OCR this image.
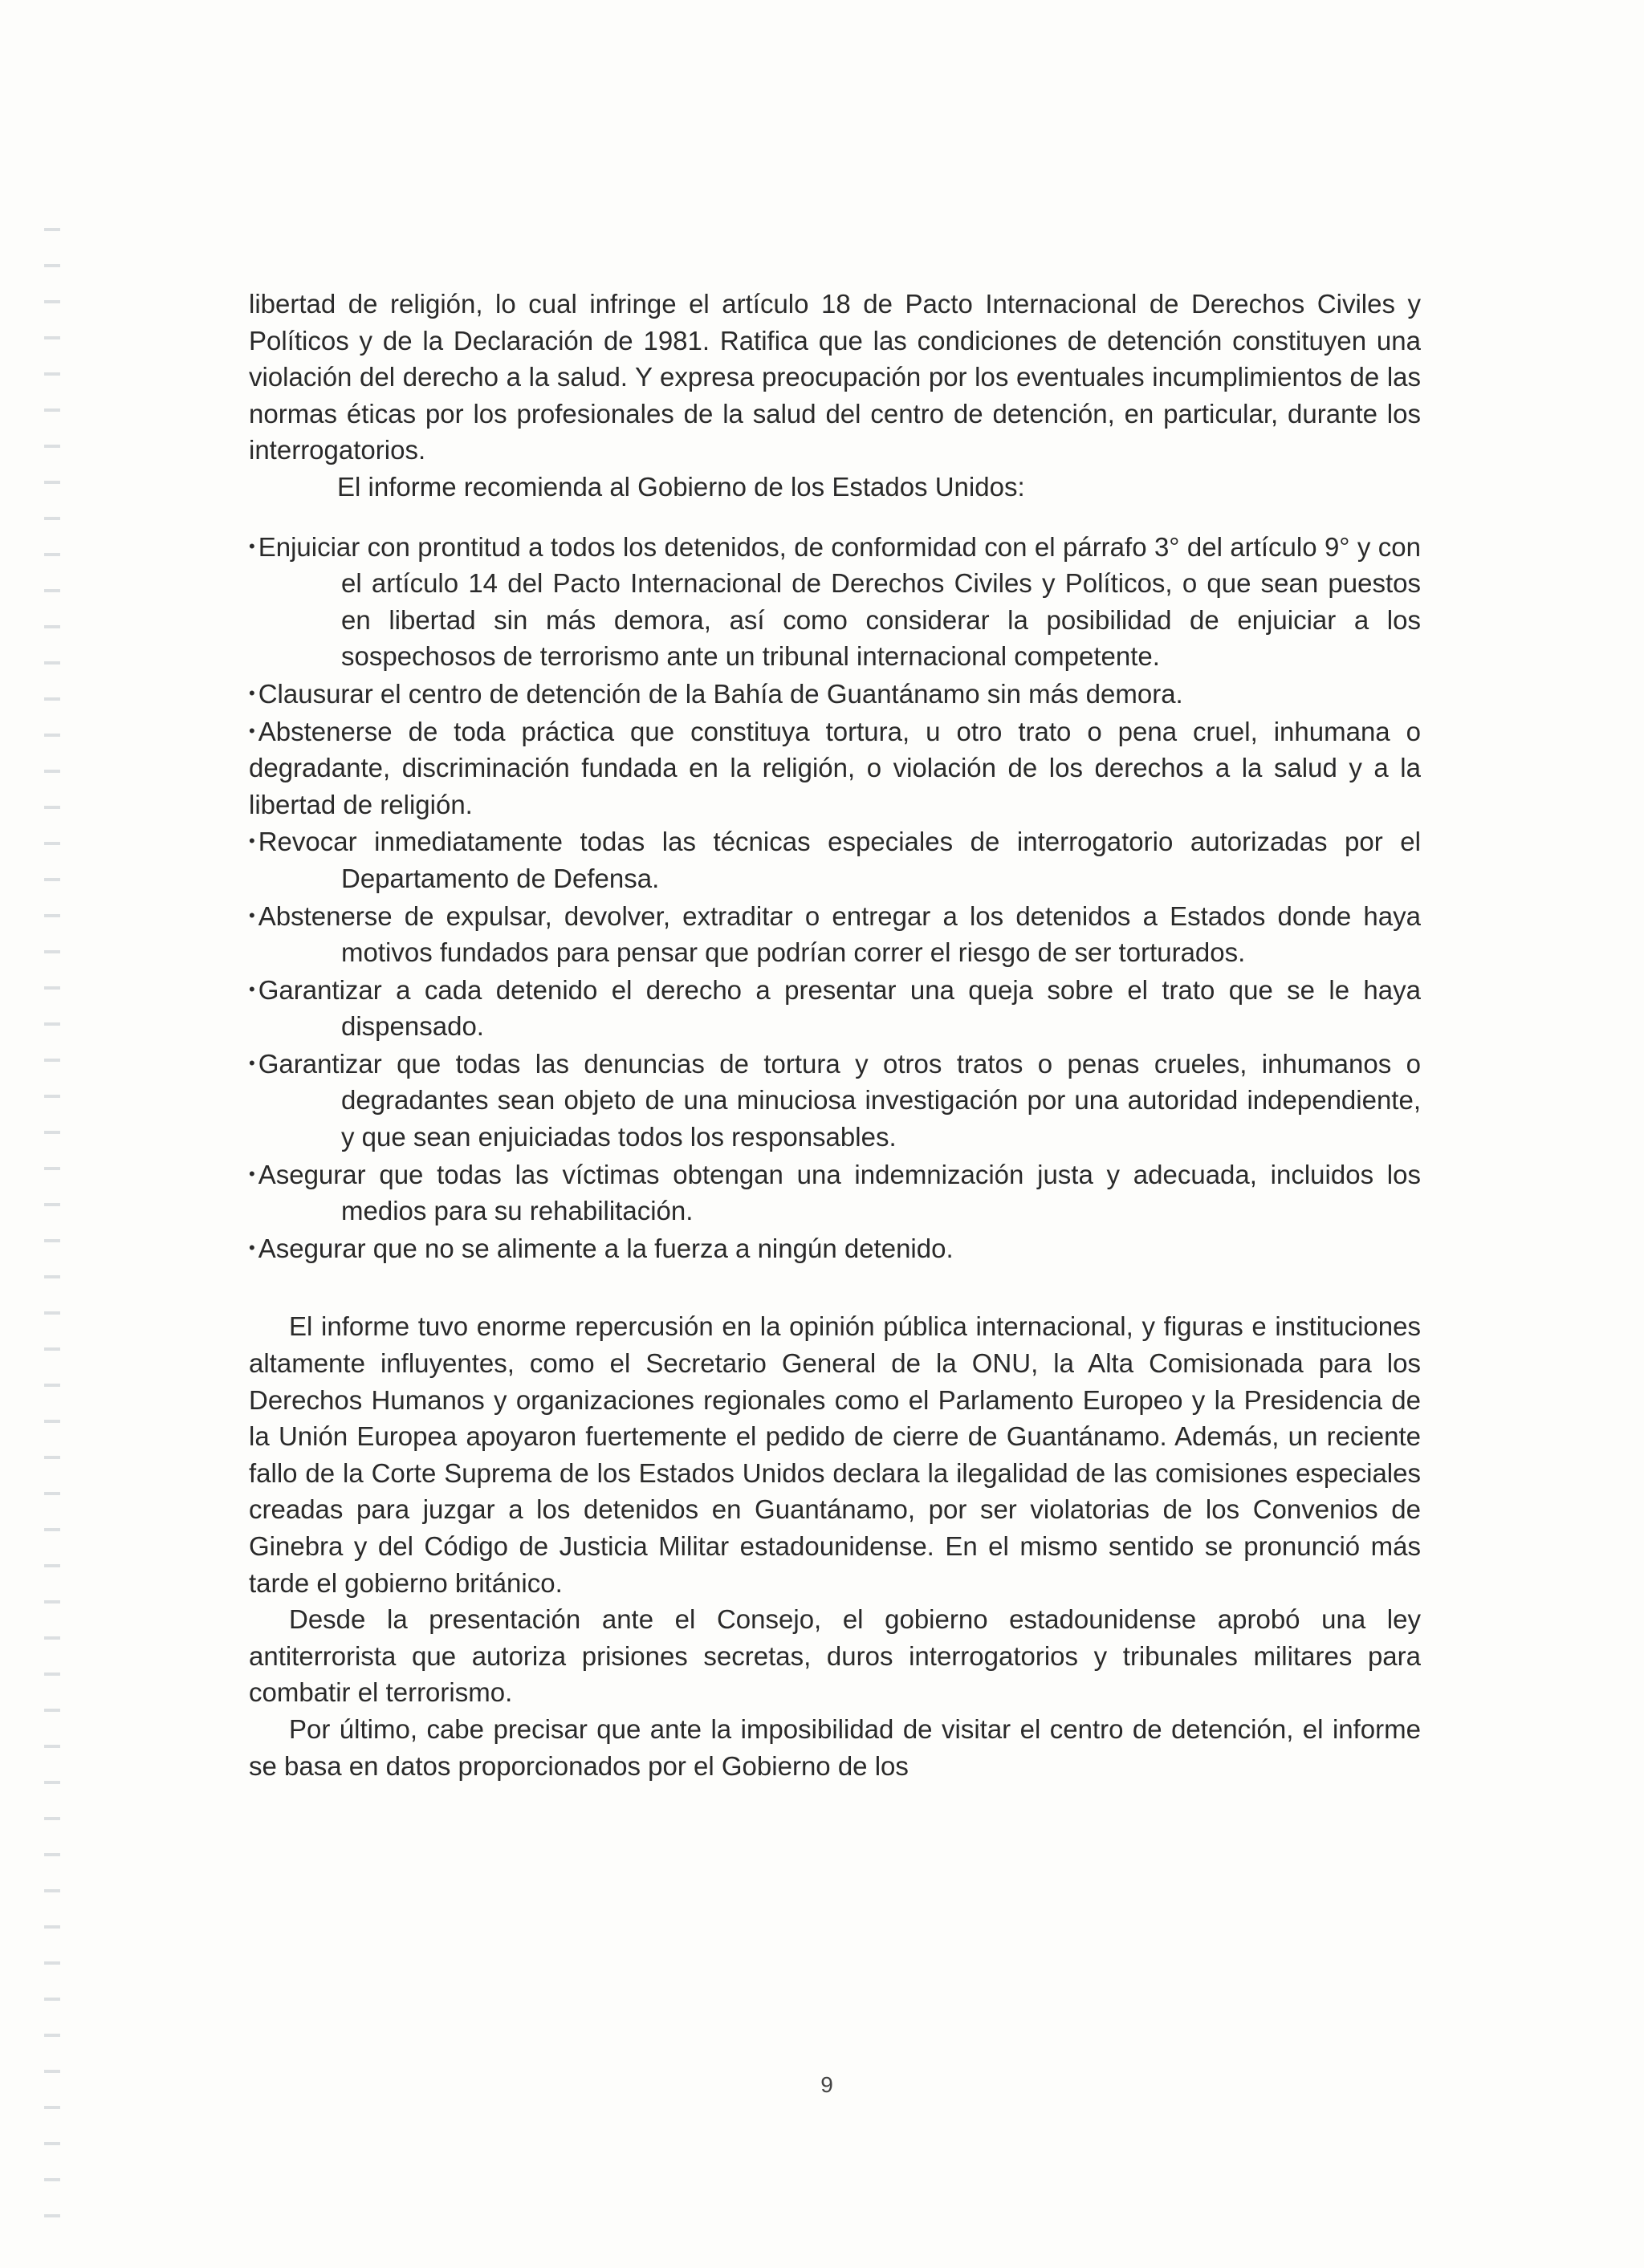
libertad de religión, lo cual infringe el artículo 18 de Pacto Internacional de Derechos Civiles y Políticos y de la Declaración de 1981. Ratifica que las condiciones de detención constituyen una violación del derecho a la salud. Y expresa preocupación por los eventuales incumplimientos de las normas éticas por los profesionales de la salud del centro de detención, en particular, durante los interrogatorios.

El informe recomienda al Gobierno de los Estados Unidos:

• Enjuiciar con prontitud a todos los detenidos, de conformidad con el párrafo 3° del artículo 9° y con el artículo 14 del Pacto Internacional de Derechos Civiles y Políticos, o que sean puestos en libertad sin más demora, así como considerar la posibilidad de enjuiciar a los sospechosos de terrorismo ante un tribunal internacional competente.
• Clausurar el centro de detención de la Bahía de Guantánamo sin más demora.
• Abstenerse de toda práctica que constituya tortura, u otro trato o pena cruel, inhumana o degradante, discriminación fundada en la religión, o violación de los derechos a la salud y a la libertad de religión.
• Revocar inmediatamente todas las técnicas especiales de interrogatorio autorizadas por el Departamento de Defensa.
• Abstenerse de expulsar, devolver, extraditar o entregar a los detenidos a Estados donde haya motivos fundados para pensar que podrían correr el riesgo de ser torturados.
• Garantizar a cada detenido el derecho a presentar una queja sobre el trato que se le haya dispensado.
• Garantizar que todas las denuncias de tortura y otros tratos o penas crueles, inhumanos o degradantes sean objeto de una minuciosa investigación por una autoridad independiente, y que sean enjuiciadas todos los responsables.
• Asegurar que todas las víctimas obtengan una indemnización justa y adecuada, incluidos los medios para su rehabilitación.
• Asegurar que no se alimente a la fuerza a ningún detenido.

El informe tuvo enorme repercusión en la opinión pública internacional, y figuras e instituciones altamente influyentes, como el Secretario General de la ONU, la Alta Comisionada para los Derechos Humanos y organizaciones regionales como el Parlamento Europeo y la Presidencia de la Unión Europea apoyaron fuertemente el pedido de cierre de Guantánamo. Además, un reciente fallo de la Corte Suprema de los Estados Unidos declara la ilegalidad de las comisiones especiales creadas para juzgar a los detenidos en Guantánamo, por ser violatorias de los Convenios de Ginebra y del Código de Justicia Militar estadounidense. En el mismo sentido se pronunció más tarde el gobierno británico.

Desde la presentación ante el Consejo, el gobierno estadounidense aprobó una ley antiterrorista que autoriza prisiones secretas, duros interrogatorios y tribunales militares para combatir el terrorismo.

Por último, cabe precisar que ante la imposibilidad de visitar el centro de detención, el informe se basa en datos proporcionados por el Gobierno de los

9
